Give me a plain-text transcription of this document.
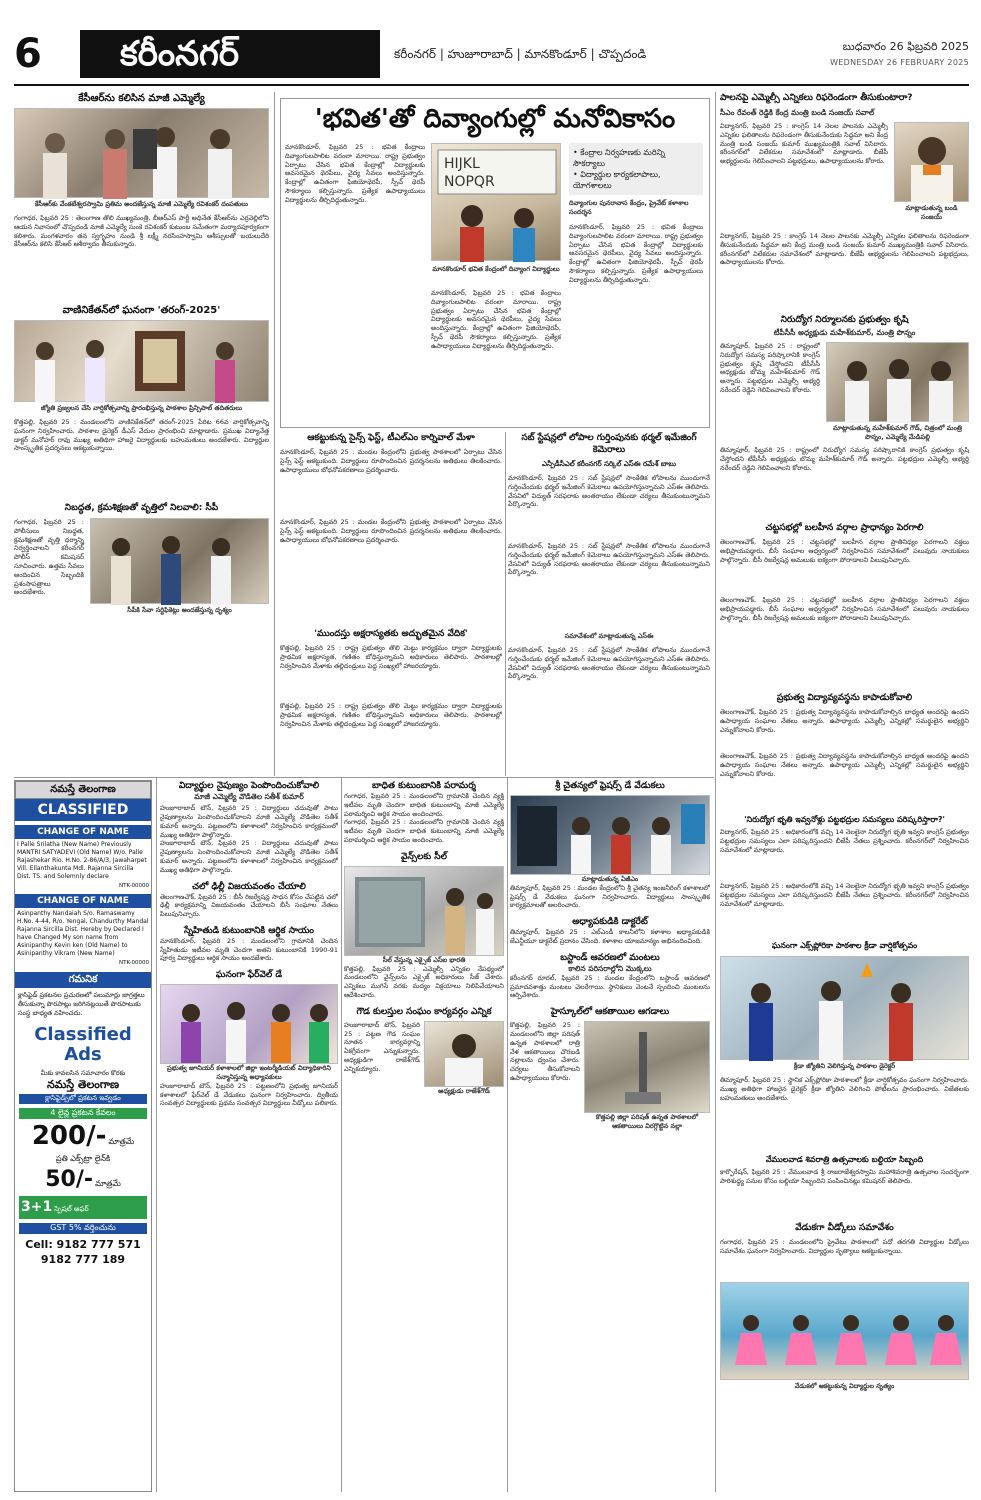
6	కరీంనగర్	కరీంనగర్ | హుజూరాబాద్ | మానకొండూర్ | చొప్పదండి
బుధవారం 26 ఫిబ్రవరి 2025
WEDNESDAY 26 FEBRUARY 2025
కేసీఆర్‌ను కలిసిన మాజీ ఎమ్మెల్యే
కేసీఆర్‌కు వేంకటేశ్వరస్వామి ప్రతిమ అందజేస్తున్న మాజీ ఎమ్మెల్యే రవిశంకర్ దంపతులు
గంగాధర, ఫిబ్రవరి 25 : తెలంగాణ తొలి ముఖ్యమంత్రి, బీఆర్ఎస్ పార్టీ అధినేత కేసీఆర్‌ను ఎర్రవెల్లిలోని ఆయన నివాసంలో చొప్పదండి మాజీ ఎమ్మెల్యే సుంకె రవిశంకర్ కుటుంబ సమేతంగా మర్యాదపూర్వకంగా కలిశారు. మంగళవారం తన స్వగృహం నుండి శ్రీ లక్ష్మీ నరసింహస్వామి ఆశీస్సులతో బయలుదేరి కేసీఆర్‌ను కలిసి కేసీఆర్ ఆశీర్వాదం తీసుకున్నారు.
వాణినికేతన్‌లో ఘనంగా 'తరంగ్-2025'
జ్యోతి ప్రజ్వలన చేసి వార్షికోత్సవాన్ని ప్రారంభిస్తున్న పాఠశాల ప్రిన్సిపాల్ తదితరులు
కొత్తపల్లి, ఫిబ్రవరి 25 : మండలంలోని వాణినికేతన్‌లో తరంగ్-2025 పేరిట 66వ వార్షికోత్సవాన్ని ఘనంగా నిర్వహించారు. పాఠశాల డైరెక్టర్ డీఎస్ వేదుల ప్రారంభించి మాట్లాడారు. ప్రముఖ విద్యావేత్త డాక్టర్ మనోహర్ రావు ముఖ్య అతిథిగా హాజరై విద్యార్థులకు బహుమతులు అందజేశారు. విద్యార్థుల సాంస్కృతిక ప్రదర్శనలు ఆకట్టుకున్నాయి.
నిబద్ధత, క్రమశిక్షణతో వృత్తిలో నిలవాలి: సీపీ
గంగాధర, ఫిబ్రవరి 25 : పోలీసులు నిబద్ధత, క్రమశిక్షణతో వృత్తి ధర్మాన్ని నిర్వర్తించాలని కరీంనగర్ పోలీస్ కమిషనర్ సూచించారు. ఉత్తమ సేవలు అందించిన సిబ్బందికి ప్రశంసాపత్రాలు అందజేశారు.
సీపీకి సేవా సర్టిఫికెట్లు అందజేస్తున్న దృశ్యం
'భవిత'తో దివ్యాంగుల్లో మనోవికాసం
మానకొండూర్, ఫిబ్రవరి 25 : భవిత కేంద్రాలు దివ్యాంగులపాలిట వరంలా మారాయి. రాష్ట్ర ప్రభుత్వం ఏర్పాటు చేసిన భవిత కేంద్రాల్లో విద్యార్థులకు అవసరమైన థెరపీలు, వైద్య సేవలు అందిస్తున్నారు. కేంద్రాల్లో ఉచితంగా ఫిజియోథెరపీ, స్పీచ్ థెరపీ సౌకర్యాలు కల్పిస్తున్నారు. ప్రత్యేక ఉపాధ్యాయులు విద్యార్థులను తీర్చిదిద్దుతున్నారు.
HIJKL
NOPQR
మానకొండూర్ భవిత కేంద్రంలో దివ్యాంగ విద్యార్థులు
మానకొండూర్, ఫిబ్రవరి 25 : భవిత కేంద్రాలు దివ్యాంగులపాలిట వరంలా మారాయి. రాష్ట్ర ప్రభుత్వం ఏర్పాటు చేసిన భవిత కేంద్రాల్లో విద్యార్థులకు అవసరమైన థెరపీలు, వైద్య సేవలు అందిస్తున్నారు. కేంద్రాల్లో ఉచితంగా ఫిజియోథెరపీ, స్పీచ్ థెరపీ సౌకర్యాలు కల్పిస్తున్నారు. ప్రత్యేక ఉపాధ్యాయులు విద్యార్థులను తీర్చిదిద్దుతున్నారు.
• కేంద్రాల నిర్వహణకు మరిన్ని సౌకర్యాలు
• విద్యార్థుల కార్యకలాపాలు, యోగశాలలు
దివ్యాంగుల పునరావాస కేంద్రం, ప్రైవేట్ కళాశాల సందర్శన
మానకొండూర్, ఫిబ్రవరి 25 : భవిత కేంద్రాలు దివ్యాంగులపాలిట వరంలా మారాయి. రాష్ట్ర ప్రభుత్వం ఏర్పాటు చేసిన భవిత కేంద్రాల్లో విద్యార్థులకు అవసరమైన థెరపీలు, వైద్య సేవలు అందిస్తున్నారు. కేంద్రాల్లో ఉచితంగా ఫిజియోథెరపీ, స్పీచ్ థెరపీ సౌకర్యాలు కల్పిస్తున్నారు. ప్రత్యేక ఉపాధ్యాయులు విద్యార్థులను తీర్చిదిద్దుతున్నారు.
ఆకట్టుకున్న సైన్స్ ఫెస్ట్, టీఎల్ఎం కార్నివాల్ మేళా
మానకొండూర్, ఫిబ్రవరి 25 : మండల కేంద్రంలోని ప్రభుత్వ పాఠశాలలో ఏర్పాటు చేసిన సైన్స్ ఫెస్ట్ ఆకట్టుకుంది. విద్యార్థులు రూపొందించిన ప్రదర్శనలను అతిథులు తిలకించారు. ఉపాధ్యాయులు బోధనోపకరణాలు ప్రదర్శించారు.
మానకొండూర్, ఫిబ్రవరి 25 : మండల కేంద్రంలోని ప్రభుత్వ పాఠశాలలో ఏర్పాటు చేసిన సైన్స్ ఫెస్ట్ ఆకట్టుకుంది. విద్యార్థులు రూపొందించిన ప్రదర్శనలను అతిథులు తిలకించారు. ఉపాధ్యాయులు బోధనోపకరణాలు ప్రదర్శించారు.
'ముందస్తు అక్షరాస్యతకు అద్భుతమైన వేదిక'
కొత్తపల్లి, ఫిబ్రవరి 25 : రాష్ట్ర ప్రభుత్వం తొలి మెట్టు కార్యక్రమం ద్వారా విద్యార్థులకు ప్రాథమిక అక్షరాస్యత, గణితం బోధిస్తున్నామని అధికారులు తెలిపారు. పాఠశాలల్లో నిర్వహించిన మేళాకు తల్లిదండ్రులు పెద్ద సంఖ్యలో హాజరయ్యారు.
కొత్తపల్లి, ఫిబ్రవరి 25 : రాష్ట్ర ప్రభుత్వం తొలి మెట్టు కార్యక్రమం ద్వారా విద్యార్థులకు ప్రాథమిక అక్షరాస్యత, గణితం బోధిస్తున్నామని అధికారులు తెలిపారు. పాఠశాలల్లో నిర్వహించిన మేళాకు తల్లిదండ్రులు పెద్ద సంఖ్యలో హాజరయ్యారు.
సబ్ స్టేషన్లలో లోపాల గుర్తింపునకు థర్మల్ ఇమేజింగ్ కెమెరాలు
ఎన్పీడీసీఎల్ కరీంనగర్ సర్కిల్ ఎస్ఈ రమేశ్ బాబు
మానకొండూర్, ఫిబ్రవరి 25 : సబ్ స్టేషన్లలో సాంకేతిక లోపాలను ముందుగానే గుర్తించేందుకు థర్మల్ ఇమేజింగ్ కెమెరాలు ఉపయోగిస్తున్నామని ఎస్ఈ తెలిపారు. వేసవిలో విద్యుత్ సరఫరాకు అంతరాయం లేకుండా చర్యలు తీసుకుంటున్నామని పేర్కొన్నారు.
మానకొండూర్, ఫిబ్రవరి 25 : సబ్ స్టేషన్లలో సాంకేతిక లోపాలను ముందుగానే గుర్తించేందుకు థర్మల్ ఇమేజింగ్ కెమెరాలు ఉపయోగిస్తున్నామని ఎస్ఈ తెలిపారు. వేసవిలో విద్యుత్ సరఫరాకు అంతరాయం లేకుండా చర్యలు తీసుకుంటున్నామని పేర్కొన్నారు.
సమావేశంలో మాట్లాడుతున్న ఎస్ఈ
మానకొండూర్, ఫిబ్రవరి 25 : సబ్ స్టేషన్లలో సాంకేతిక లోపాలను ముందుగానే గుర్తించేందుకు థర్మల్ ఇమేజింగ్ కెమెరాలు ఉపయోగిస్తున్నామని ఎస్ఈ తెలిపారు. వేసవిలో విద్యుత్ సరఫరాకు అంతరాయం లేకుండా చర్యలు తీసుకుంటున్నామని పేర్కొన్నారు.
పాలనపై ఎమ్మెల్సీ ఎన్నికలు రిఫరెండంగా తీసుకుంటారా?
సీఎం రేవంత్ రెడ్డికి కేంద్ర మంత్రి బండి సంజయ్ సవాల్
విద్యానగర్, ఫిబ్రవరి 25 : కాంగ్రెస్ 14 నెలల పాలనకు ఎమ్మెల్సీ ఎన్నికల ఫలితాలను రిఫరెండంగా తీసుకునేందుకు సిద్ధమా అని కేంద్ర మంత్రి బండి సంజయ్ కుమార్ ముఖ్యమంత్రికి సవాల్ విసిరారు. కరీంనగర్‌లో విలేకరుల సమావేశంలో మాట్లాడారు. బీజేపీ అభ్యర్థులను గెలిపించాలని పట్టభద్రులు, ఉపాధ్యాయులను కోరారు.
మాట్లాడుతున్న బండి సంజయ్
విద్యానగర్, ఫిబ్రవరి 25 : కాంగ్రెస్ 14 నెలల పాలనకు ఎమ్మెల్సీ ఎన్నికల ఫలితాలను రిఫరెండంగా తీసుకునేందుకు సిద్ధమా అని కేంద్ర మంత్రి బండి సంజయ్ కుమార్ ముఖ్యమంత్రికి సవాల్ విసిరారు. కరీంనగర్‌లో విలేకరుల సమావేశంలో మాట్లాడారు. బీజేపీ అభ్యర్థులను గెలిపించాలని పట్టభద్రులు, ఉపాధ్యాయులను కోరారు.
నిరుద్యోగ నిర్మూలనకు ప్రభుత్వం కృషి
టీపీసీసీ అధ్యక్షుడు మహేశ్‌కుమార్, మంత్రి పొన్నం
తిమ్మాపూర్, ఫిబ్రవరి 25 : రాష్ట్రంలో నిరుద్యోగ సమస్య పరిష్కారానికి కాంగ్రెస్ ప్రభుత్వం కృషి చేస్తోందని టీపీసీసీ అధ్యక్షుడు బొమ్మ మహేశ్‌కుమార్ గౌడ్ అన్నారు. పట్టభద్రుల ఎమ్మెల్సీ అభ్యర్థి నరేందర్ రెడ్డిని గెలిపించాలని కోరారు.
మాట్లాడుతున్న మహేశ్‌కుమార్ గౌడ్, చిత్రంలో మంత్రి పొన్నం, ఎమ్మెల్యే మేడిపల్లి
తిమ్మాపూర్, ఫిబ్రవరి 25 : రాష్ట్రంలో నిరుద్యోగ సమస్య పరిష్కారానికి కాంగ్రెస్ ప్రభుత్వం కృషి చేస్తోందని టీపీసీసీ అధ్యక్షుడు బొమ్మ మహేశ్‌కుమార్ గౌడ్ అన్నారు. పట్టభద్రుల ఎమ్మెల్సీ అభ్యర్థి నరేందర్ రెడ్డిని గెలిపించాలని కోరారు.
చట్టసభల్లో బలహీన వర్గాల ప్రాధాన్యం పెరగాలి
తెలంగాణచౌక్, ఫిబ్రవరి 25 : చట్టసభల్లో బలహీన వర్గాల ప్రాతినిధ్యం పెరగాలని వక్తలు అభిప్రాయపడ్డారు. బీసీ సంఘాల ఆధ్వర్యంలో నిర్వహించిన సమావేశంలో పలువురు నాయకులు పాల్గొన్నారు. బీసీ రిజర్వేషన్ల అమలుకు ఐక్యంగా పోరాడాలని పిలుపునిచ్చారు.
తెలంగాణచౌక్, ఫిబ్రవరి 25 : చట్టసభల్లో బలహీన వర్గాల ప్రాతినిధ్యం పెరగాలని వక్తలు అభిప్రాయపడ్డారు. బీసీ సంఘాల ఆధ్వర్యంలో నిర్వహించిన సమావేశంలో పలువురు నాయకులు పాల్గొన్నారు. బీసీ రిజర్వేషన్ల అమలుకు ఐక్యంగా పోరాడాలని పిలుపునిచ్చారు.
ప్రభుత్వ విద్యావ్యవస్థను కాపాడుకోవాలి
తెలంగాణచౌక్, ఫిబ్రవరి 25 : ప్రభుత్వ విద్యావ్యవస్థను కాపాడుకోవాల్సిన బాధ్యత అందరిపై ఉందని ఉపాధ్యాయ సంఘాల నేతలు అన్నారు. ఉపాధ్యాయ ఎమ్మెల్సీ ఎన్నికల్లో సమర్థులైన అభ్యర్థిని ఎన్నుకోవాలని కోరారు.
తెలంగాణచౌక్, ఫిబ్రవరి 25 : ప్రభుత్వ విద్యావ్యవస్థను కాపాడుకోవాల్సిన బాధ్యత అందరిపై ఉందని ఉపాధ్యాయ సంఘాల నేతలు అన్నారు. ఉపాధ్యాయ ఎమ్మెల్సీ ఎన్నికల్లో సమర్థులైన అభ్యర్థిని ఎన్నుకోవాలని కోరారు.
'నిరుద్యోగ భృతి ఇవ్వనోళ్లు పట్టభద్రుల సమస్యలు పరిష్కరిస్తారా?'
విద్యానగర్, ఫిబ్రవరి 25 : అధికారంలోకి వచ్చి 14 నెలలైనా నిరుద్యోగ భృతి ఇవ్వని కాంగ్రెస్ ప్రభుత్వం పట్టభద్రుల సమస్యలు ఎలా పరిష్కరిస్తుందని బీజేపీ నేతలు ప్రశ్నించారు. కరీంనగర్‌లో నిర్వహించిన సమావేశంలో మాట్లాడారు.
విద్యానగర్, ఫిబ్రవరి 25 : అధికారంలోకి వచ్చి 14 నెలలైనా నిరుద్యోగ భృతి ఇవ్వని కాంగ్రెస్ ప్రభుత్వం పట్టభద్రుల సమస్యలు ఎలా పరిష్కరిస్తుందని బీజేపీ నేతలు ప్రశ్నించారు. కరీంనగర్‌లో నిర్వహించిన సమావేశంలో మాట్లాడారు.
ఘనంగా ఎక్స్‌ప్లోరికా పాఠశాల క్రీడా వార్షికోత్సవం
క్రీడా జ్యోతిని వెలిగిస్తున్న పాఠశాల డైరెక్టర్
తిమ్మాపూర్, ఫిబ్రవరి 25 : స్థానిక ఎక్స్‌ప్లోరికా పాఠశాలలో క్రీడా వార్షికోత్సవం ఘనంగా నిర్వహించారు. ముఖ్య అతిథిగా హాజరైన డైరెక్టర్ క్రీడా జ్యోతిని వెలిగించి పోటీలను ప్రారంభించారు. విజేతలకు బహుమతులు అందజేశారు.
వేములవాడ శివరాత్రి ఉత్సవాలకు బల్దియా సిబ్బంది
కార్పొరేషన్, ఫిబ్రవరి 25 : వేములవాడ శ్రీ రాజరాజేశ్వరస్వామి మహాశివరాత్రి ఉత్సవాల సందర్భంగా పారిశుద్ధ్య పనుల కోసం బల్దియా సిబ్బందిని పంపించినట్లు కమిషనర్ తెలిపారు.
వేడుకగా వీడ్కోలు సమావేశం
గంగాధర, ఫిబ్రవరి 25 : మండలంలోని ప్రైవేటు పాఠశాలలో పదో తరగతి విద్యార్థుల వీడ్కోలు సమావేశం ఘనంగా నిర్వహించారు. విద్యార్థుల నృత్యాలు ఆకట్టుకున్నాయి.
వేడుకలో ఆకట్టుకున్న విద్యార్థుల నృత్యం
నమస్తే తెలంగాణ
CLASSIFIED
CHANGE OF NAME
I Palle Srilatha (New Name) Previously MANTRI SATYADEVI (Old Name) W/o. Palle Rajashekar Rio. H.No. 2-86/A/3, Jawaharpet Vill. Ellanthakunta Mdl. Rajanna Sircilla Dist. TS. and Solemnly declare
NTK-00000
CHANGE OF NAME
Asinpanthy Nandaiah S/o. Ramaswamy H.No. 4-44, R/o. Yengal, Chandurthy Mandal Rajanna Sircilla Dist. Hereby by Declared I have Changed My son name from Asinipanthy Kevin ken (Old Name) to Asinipanthy Vikram (New Name)
NTK-00000
గమనిక
క్లాసిఫైడ్ ప్రకటనల ప్రచురణలో పలుమార్లు జాగ్రత్తలు తీసుకున్నా పొరపాట్లు జరిగినట్లయితే పొరపాటుకు సంస్థ బాధ్యత వహించదు.
Classified Ads
మీకు కావలసిన సమాచారం కొరకు
నమస్తే తెలంగాణ
క్లాసిఫైడ్స్‌లో ప్రకటన ఇవ్వడం
4 లైన్ల ప్రకటన కేవలం
200/- మాత్రమే
ప్రతి ఎక్స్‌ట్రా లైన్‌కి
50/- మాత్రమే
3+1 స్పెషల్ ఆఫర్
GST 5% వర్తించును
Cell: 9182 777 571
9182 777 189
విద్యార్థుల నైపుణ్యం పెంపొందించుకోవాలి
మాజీ ఎమ్మెల్యే వొడితెల సతీశ్ కుమార్
హుజూరాబాద్ టౌన్, ఫిబ్రవరి 25 : విద్యార్థులు చదువుతో పాటు నైపుణ్యాలను పెంపొందించుకోవాలని మాజీ ఎమ్మెల్యే వొడితెల సతీశ్ కుమార్ అన్నారు. పట్టణంలోని కళాశాలలో నిర్వహించిన కార్యక్రమంలో ముఖ్య అతిథిగా పాల్గొన్నారు.
హుజూరాబాద్ టౌన్, ఫిబ్రవరి 25 : విద్యార్థులు చదువుతో పాటు నైపుణ్యాలను పెంపొందించుకోవాలని మాజీ ఎమ్మెల్యే వొడితెల సతీశ్ కుమార్ అన్నారు. పట్టణంలోని కళాశాలలో నిర్వహించిన కార్యక్రమంలో ముఖ్య అతిథిగా పాల్గొన్నారు.
చలో ఢిల్లీ విజయవంతం చేయాలి
తెలంగాణచౌక్, ఫిబ్రవరి 25 : బీసీ రిజర్వేషన్ల సాధన కోసం చేపట్టిన చలో ఢిల్లీ కార్యక్రమాన్ని విజయవంతం చేయాలని బీసీ సంఘాల నేతలు పిలుపునిచ్చారు.
స్నేహితుడి కుటుంబానికి ఆర్థిక సాయం
మానకొండూర్, ఫిబ్రవరి 25 : మండలంలోని గ్రామానికి చెందిన స్నేహితుడు ఇటీవల మృతి చెందగా అతని కుటుంబానికి 1990-91 పూర్వ విద్యార్థులు ఆర్థిక సాయం అందజేశారు.
ఘనంగా ఫేర్‌వెల్ డే
ప్రభుత్వ జూనియర్ కళాశాలలో జిల్లా ఇంటర్మీడియట్ విద్యాధికారిని సన్మానిస్తున్న అధ్యాపకులు
హుజూరాబాద్ టౌన్, ఫిబ్రవరి 25 : పట్టణంలోని ప్రభుత్వ జూనియర్ కళాశాలలో ఫేర్‌వెల్ డే వేడుకలు ఘనంగా నిర్వహించారు. ద్వితీయ సంవత్సర విద్యార్థులకు ప్రథమ సంవత్సర విద్యార్థులు వీడ్కోలు పలికారు.
బాధిత కుటుంబానికి పరామర్శ
గంగాధర, ఫిబ్రవరి 25 : మండలంలోని గ్రామానికి చెందిన వ్యక్తి ఇటీవల మృతి చెందగా బాధిత కుటుంబాన్ని మాజీ ఎమ్మెల్యే పరామర్శించి ఆర్థిక సాయం అందించారు.
గంగాధర, ఫిబ్రవరి 25 : మండలంలోని గ్రామానికి చెందిన వ్యక్తి ఇటీవల మృతి చెందగా బాధిత కుటుంబాన్ని మాజీ ఎమ్మెల్యే పరామర్శించి ఆర్థిక సాయం అందించారు.
వైన్స్‌లకు సీల్
సీల్ వేస్తున్న ఎక్సైజ్ ఎస్ఐ భారతి
కొత్తపల్లి, ఫిబ్రవరి 25 : ఎమ్మెల్సీ ఎన్నికల నేపథ్యంలో మండలంలోని వైన్స్‌లను ఎక్సైజ్ అధికారులు సీజ్ చేశారు. ఎన్నికలు ముగిసే వరకు మద్యం విక్రయాలు నిలిపివేయాలని ఆదేశించారు.
గౌడ కులస్తుల సంఘం కార్యవర్గం ఎన్నిక
హుజూరాబాద్ టౌన్, ఫిబ్రవరి 25 : పట్టణ గౌడ సంఘం నూతన కార్యవర్గాన్ని ఏకగ్రీవంగా ఎన్నుకున్నారు. అధ్యక్షుడిగా రాజేశ్‌గౌడ్ ఎన్నికయ్యారు.
అధ్యక్షుడు రాజేశ్‌గౌడ్
శ్రీ చైతన్యలో ఫ్రెషర్స్ డే వేడుకలు
మాట్లాడుతున్న ఏజీఎం
తిమ్మాపూర్, ఫిబ్రవరి 25 : మండల కేంద్రంలోని శ్రీ చైతన్య ఇంజనీరింగ్ కళాశాలలో ఫ్రెషర్స్ డే వేడుకలు ఘనంగా నిర్వహించారు. విద్యార్థులు సాంస్కృతిక కార్యక్రమాలతో అలరించారు.
అధ్యాపకుడికి డాక్టరేట్
తిమ్మాపూర్, ఫిబ్రవరి 25 : ఎల్ఎండీ కాలనీలోని కళాశాల అధ్యాపకుడికి జేఎన్టీయూ డాక్టరేట్ ప్రదానం చేసింది. కళాశాల యాజమాన్యం అభినందించింది.
బస్టాండ్ ఆవరణలో మంటలు
కాలిన పరిసరాల్లోని మొక్కలు
కరీంనగర్ రూరల్, ఫిబ్రవరి 25 : మండల కేంద్రంలోని బస్టాండ్ ఆవరణలో ప్రమాదవశాత్తు మంటలు చెలరేగాయి. స్థానికులు వెంటనే స్పందించి మంటలను ఆర్పివేశారు.
హైస్కూల్‌లో ఆకతాయిల ఆగడాలు
కొత్తపల్లి, ఫిబ్రవరి 25 : మండలంలోని జిల్లా పరిషత్ ఉన్నత పాఠశాలలో రాత్రి వేళ ఆకతాయిలు చొరబడి నల్లాలను ధ్వంసం చేశారు. చర్యలు తీసుకోవాలని ఉపాధ్యాయులు కోరారు.
కొత్తపల్లి జిల్లా పరిషత్ ఉన్నత పాఠశాలలో ఆకతాయిలు విరగ్గొట్టిన నల్లా
